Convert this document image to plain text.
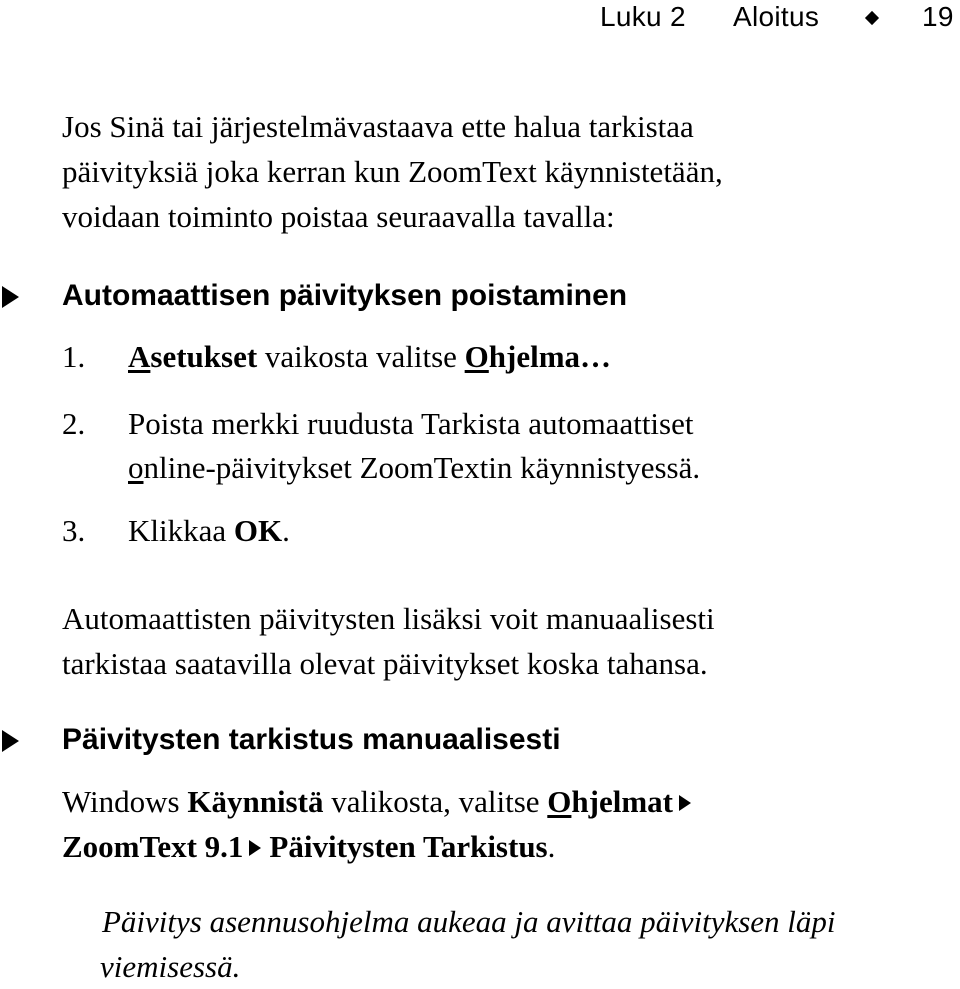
Luku 2 Aloitus	19
Jos Sinä tai järjestelmävastaava ette halua tarkistaa
päivityksiä joka kerran kun ZoomText käynnistetään,
voidaan toiminto poistaa seuraavalla tavalla:
Automaattisen päivityksen poistaminen
1. Asetukset vaikosta valitse Ohjelma…
2. Poista merkki ruudusta Tarkista automaattiset
online-päivitykset ZoomTextin käynnistyessä.
3. Klikkaa OK.
Automaattisten päivitysten lisäksi voit manuaalisesti
tarkistaa saatavilla olevat päivitykset koska tahansa.
Päivitysten tarkistus manuaalisesti
Windows Käynnistä valikosta, valitse Ohjelmat
ZoomText 9.1 Päivitysten Tarkistus.
Päivitys asennusohjelma aukeaa ja avittaa päivityksen läpi
viemisessä.
